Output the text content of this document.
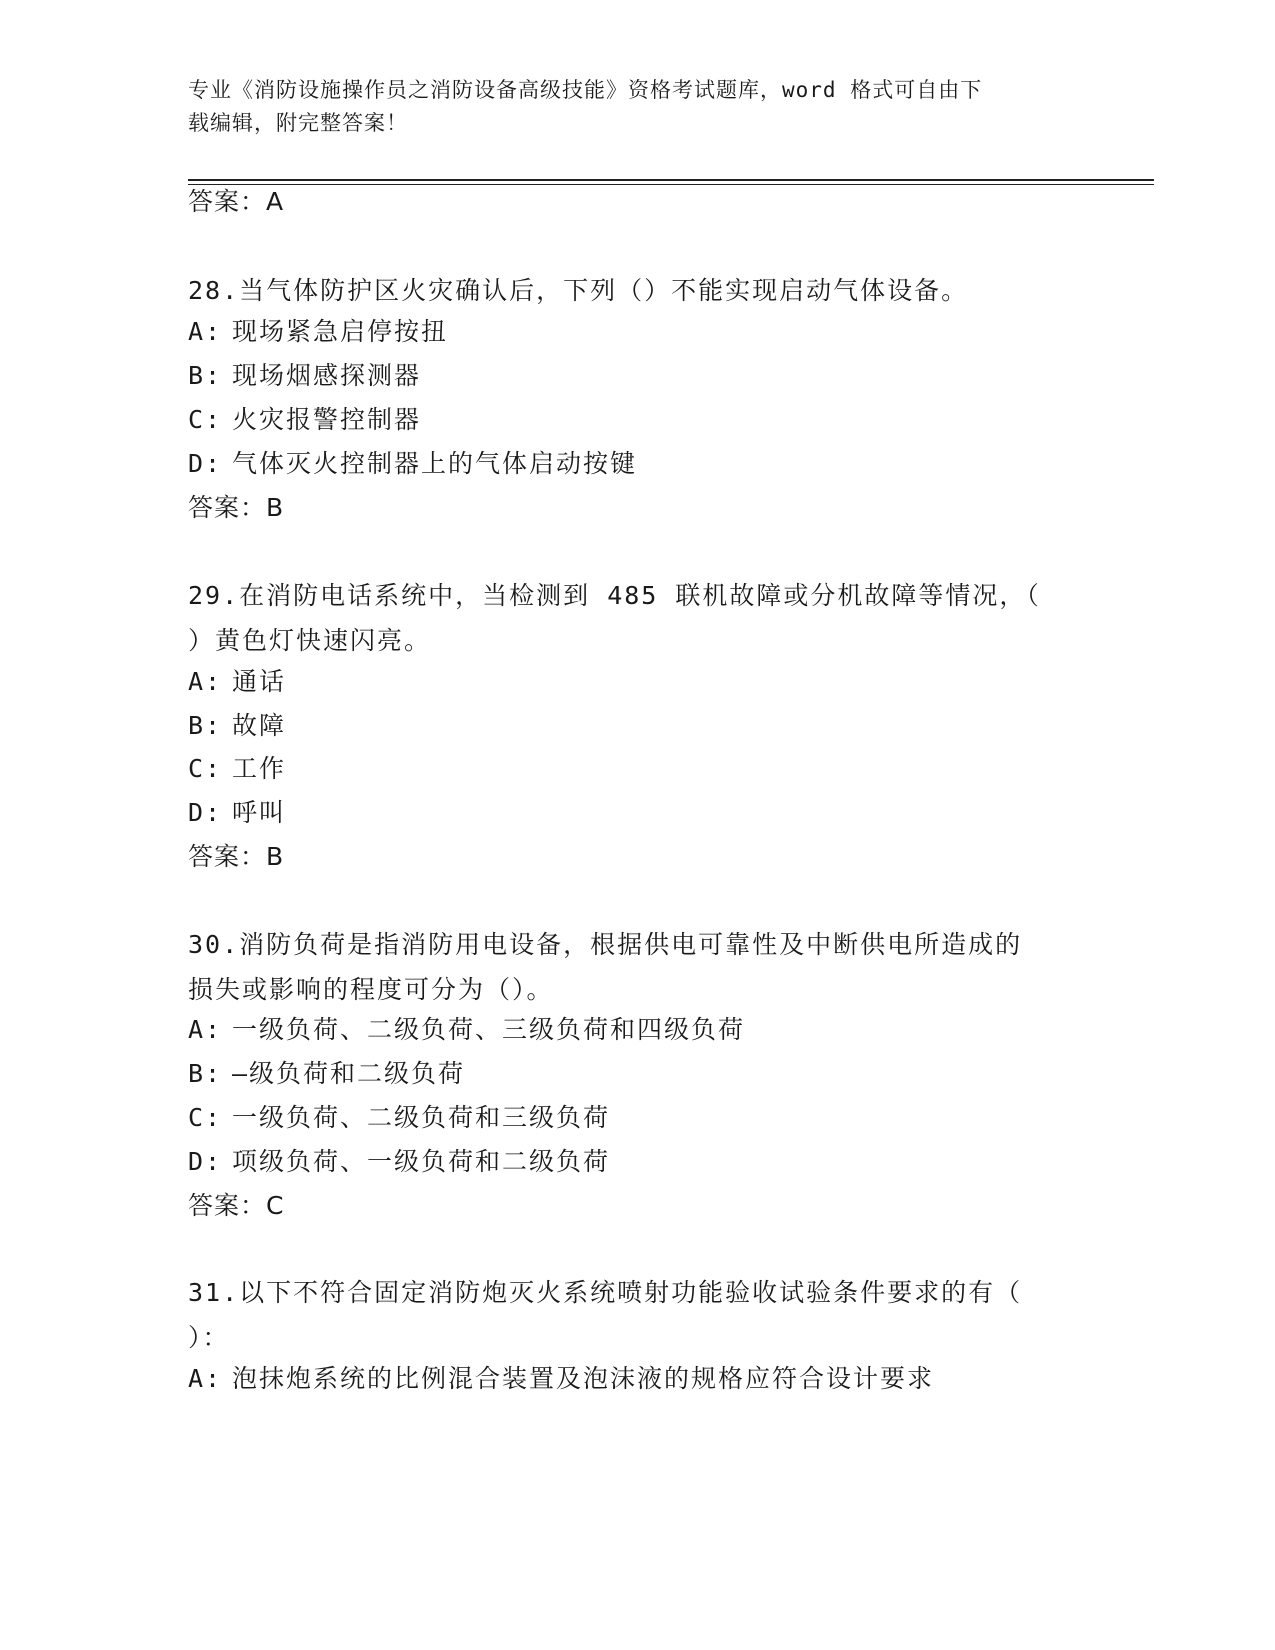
专业《消防设施操作员之消防设备高级技能》资格考试题库，word 格式可自由下
载编辑，附完整答案！
答案：A
28.当气体防护区火灾确认后，下列（）不能实现启动气体设备。
A: 现场紧急启停按扭
B: 现场烟感探测器
C: 火灾报警控制器
D: 气体灭火控制器上的气体启动按键
答案：B
29.在消防电话系统中，当检测到 485 联机故障或分机故障等情况，（
）黄色灯快速闪亮。
A: 通话
B: 故障
C: 工作
D: 呼叫
答案：B
30.消防负荷是指消防用电设备，根据供电可靠性及中断供电所造成的
损失或影响的程度可分为（）。
A: 一级负荷、二级负荷、三级负荷和四级负荷
B: —级负荷和二级负荷
C: 一级负荷、二级负荷和三级负荷
D: 项级负荷、一级负荷和二级负荷
答案：C
31.以下不符合固定消防炮灭火系统喷射功能验收试验条件要求的有（
）：
A: 泡抹炮系统的比例混合装置及泡沫液的规格应符合设计要求
